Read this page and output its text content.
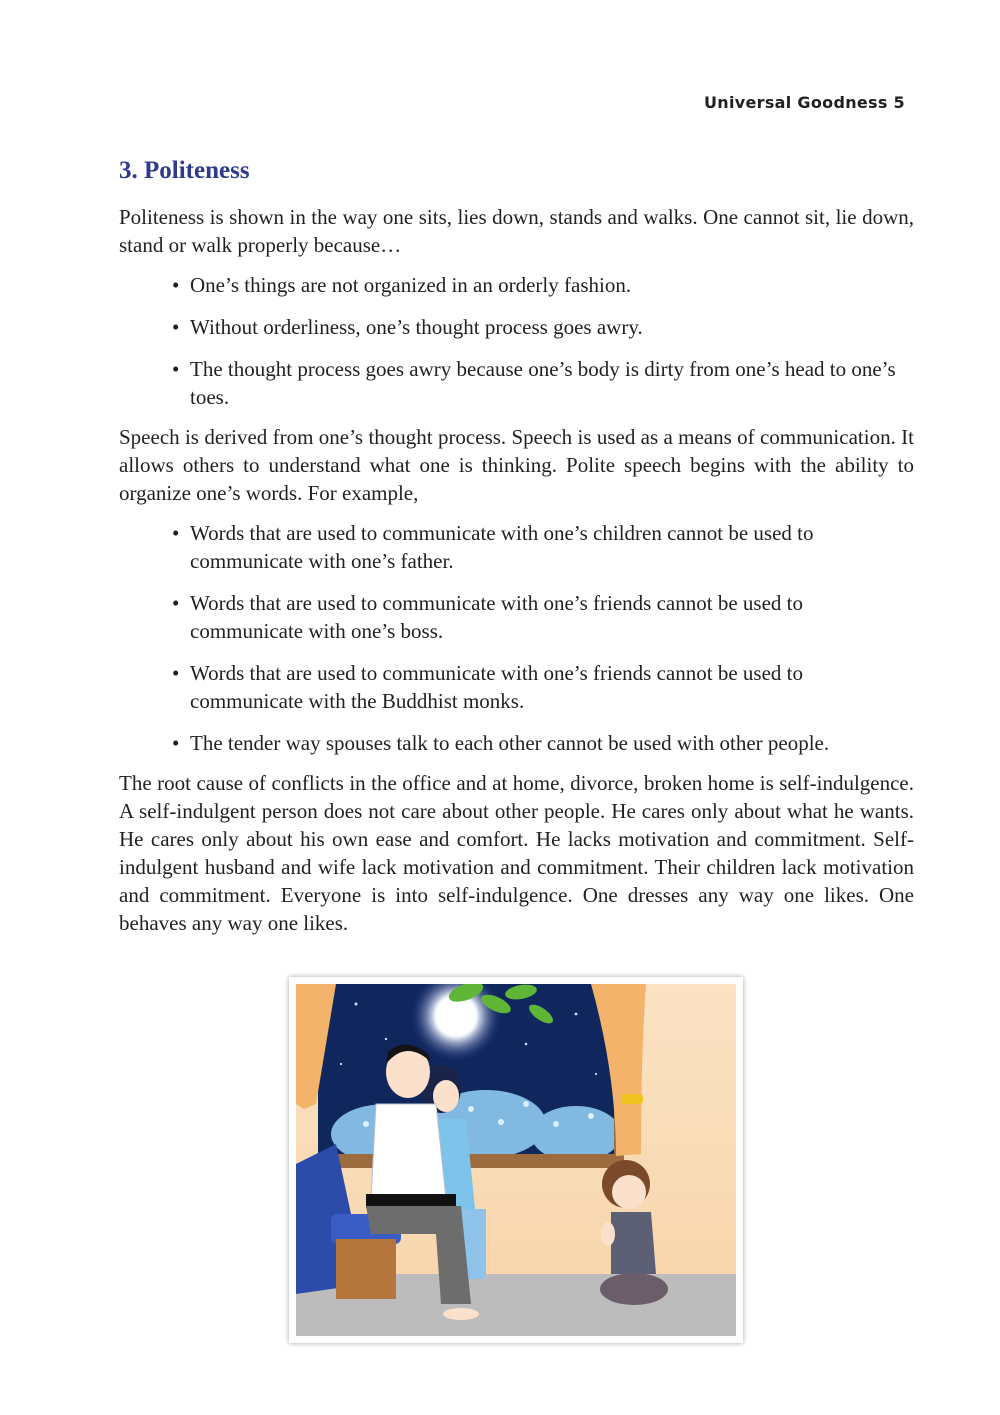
Universal Goodness 5
3. Politeness

Politeness is shown in the way one sits, lies down, stands and walks. One cannot sit, lie down, stand or walk properly because…

• One’s things are not organized in an orderly fashion.
• Without orderliness, one’s thought process goes awry.
• The thought process goes awry because one’s body is dirty from one’s head to one’s toes.

Speech is derived from one’s thought process. Speech is used as a means of communication. It allows others to understand what one is thinking. Polite speech begins with the ability to organize one’s words. For example,

• Words that are used to communicate with one’s children cannot be used to communicate with one’s father.
• Words that are used to communicate with one’s friends cannot be used to communicate with one’s boss.
• Words that are used to communicate with one’s friends cannot be used to communicate with the Buddhist monks.
• The tender way spouses talk to each other cannot be used with other people.

The root cause of conflicts in the office and at home, divorce, broken home is self-indulgence. A self-indulgent person does not care about other people. He cares only about what he wants. He cares only about his own ease and comfort. He lacks motivation and commitment. Self-indulgent husband and wife lack motivation and commitment. Their children lack motivation and commitment. Everyone is into self-indulgence. One dresses any way one likes. One behaves any way one likes.
